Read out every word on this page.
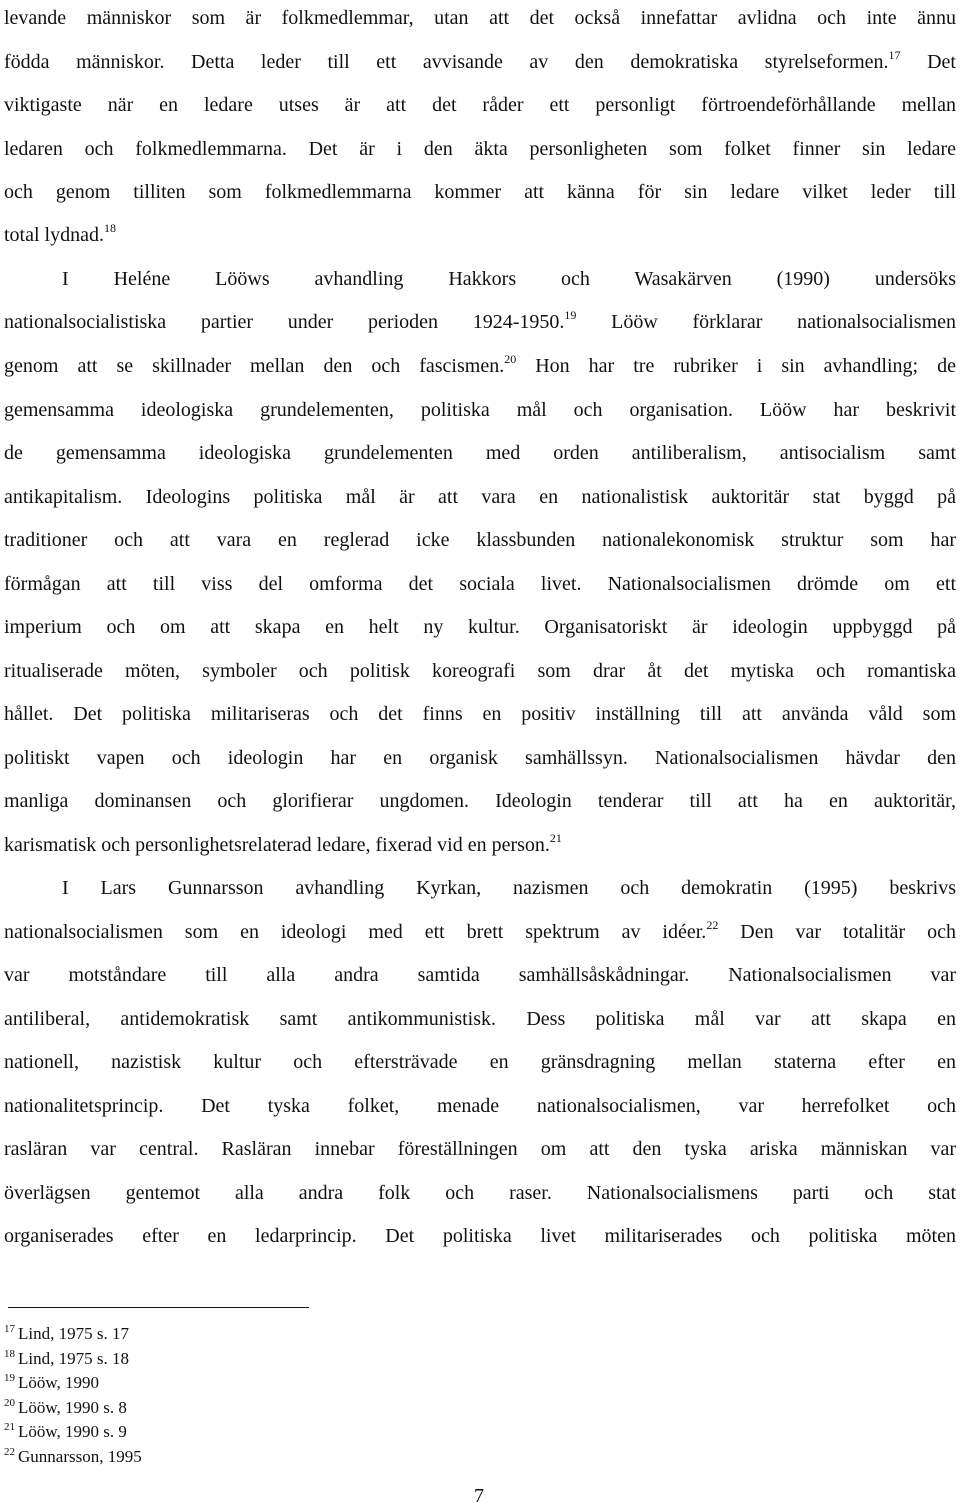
levande människor som är folkmedlemmar, utan att det också innefattar avlidna och inte ännu
födda människor. Detta leder till ett avvisande av den demokratiska styrelseformen.$^{17}$ Det
viktigaste när en ledare utses är att det råder ett personligt förtroendeförhållande mellan
ledaren och folkmedlemmarna. Det är i den äkta personligheten som folket finner sin ledare
och genom tilliten som folkmedlemmarna kommer att känna för sin ledare vilket leder till
total lydnad.$^{18}$
I Heléne Lööws avhandling Hakkors och Wasakärven (1990) undersöks
nationalsocialistiska partier under perioden 1924-1950.19 Lööw förklarar nationalsocialismen
genom att se skillnader mellan den och fascismen.$^{20}$ Hon har tre rubriker i sin avhandling; de
gemensamma ideologiska grundelementen, politiska mål och organisation. Lööw har beskrivit
de gemensamma ideologiska grundelementen med orden antiliberalism, antisocialism samt
antikapitalism. Ideologins politiska mål är att vara en nationalistisk auktoritär stat byggd på
traditioner och att vara en reglerad icke klassbunden nationalekonomisk struktur som har
förmågan att till viss del omforma det sociala livet. Nationalsocialismen drömde om ett
imperium och om att skapa en helt ny kultur. Organisatoriskt är ideologin uppbyggd på
ritualiserade möten, symboler och politisk koreografi som drar åt det mytiska och romantiska
hållet. Det politiska militariseras och det finns en positiv inställning till att använda våld som
politiskt vapen och ideologin har en organisk samhällssyn. Nationalsocialismen hävdar den
manliga dominansen och glorifierar ungdomen. Ideologin tenderar till att ha en auktoritär,
karismatisk och personlighetsrelaterad ledare, fixerad vid en person.$^{21}$
I Lars Gunnarsson avhandling Kyrkan, nazismen och demokratin (1995) beskrivs
nationalsocialismen som en ideologi med ett brett spektrum av idéer.$^{22}$ Den var totalitär och
var motståndare till alla andra samtida samhällsåskådningar. Nationalsocialismen var
antiliberal, antidemokratisk samt antikommunistisk. Dess politiska mål var att skapa en
nationell, nazistisk kultur och eftersträvade en gränsdragning mellan staterna efter en
nationalitetsprincip. Det tyska folket, menade nationalsocialismen, var herrefolket och
rasläran var central. Rasläran innebar föreställningen om att den tyska ariska människan var
överlägsen gentemot alla andra folk och raser. Nationalsocialismens parti och stat
organiserades efter en ledarprincip. Det politiska livet militariserades och politiska möten
$^{17}$ Lind, 1975 s. 17
$^{18}$ Lind, 1975 s. 18
$^{19}$ Lööw, 1990
$^{20}$ Lööw, 1990 s. 8
$^{21}$ Lööw, 1990 s. 9
$^{22}$ Gunnarsson, 1995
7
